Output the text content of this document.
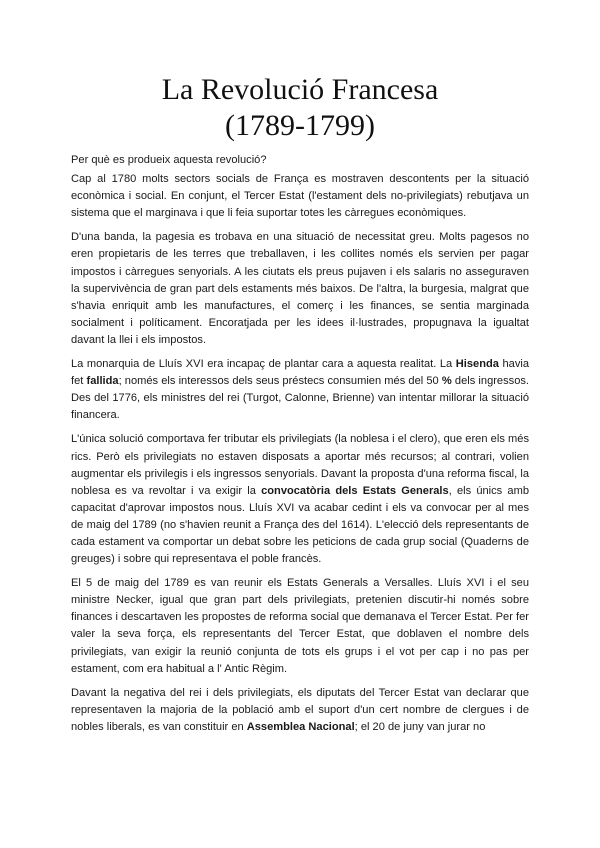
La Revolució Francesa
(1789-1799)

Per què es produeix aquesta revolució?

Cap al 1780 molts sectors socials de França es mostraven descontents per la situació econòmica i social. En conjunt, el Tercer Estat (l'estament dels no-privilegiats) rebutjava un sistema que el marginava i que li feia suportar totes les càrregues econòmiques.

D'una banda, la pagesia es trobava en una situació de necessitat greu. Molts pagesos no eren propietaris de les terres que treballaven, i les collites només els servien per pagar impostos i càrregues senyorials. A les ciutats els preus pujaven i els salaris no asseguraven la supervivència de gran part dels estaments més baixos. De l'altra, la burgesia, malgrat que s'havia enriquit amb les manufactures, el comerç i les finances, se sentia marginada socialment i políticament. Encoratjada per les idees il·lustrades, propugnava la igualtat davant la llei i els impostos.

La monarquia de Lluís XVI era incapaç de plantar cara a aquesta realitat. La Hisenda havia fet fallida; només els interessos dels seus préstecs consumien més del 50 % dels ingressos. Des del 1776, els ministres del rei (Turgot, Calonne, Brienne) van intentar millorar la situació financera.

L'única solució comportava fer tributar els privilegiats (la noblesa i el clero), que eren els més rics. Però els privilegiats no estaven disposats a aportar més recursos; al contrari, volien augmentar els privilegis i els ingressos senyorials. Davant la proposta d'una reforma fiscal, la noblesa es va revoltar i va exigir la convocatòria dels Estats Generals, els únics amb capacitat d'aprovar impostos nous. Lluís XVI va acabar cedint i els va convocar per al mes de maig del 1789 (no s'havien reunit a França des del 1614). L'elecció dels representants de cada estament va comportar un debat sobre les peticions de cada grup social (Quaderns de greuges) i sobre qui representava el poble francès.

El 5 de maig del 1789 es van reunir els Estats Generals a Versalles. Lluís XVI i el seu ministre Necker, igual que gran part dels privilegiats, pretenien discutir-hi només sobre finances i descartaven les propostes de reforma social que demanava el Tercer Estat. Per fer valer la seva força, els representants del Tercer Estat, que doblaven el nombre dels privilegiats, van exigir la reunió conjunta de tots els grups i el vot per cap i no pas per estament, com era habitual a l' Antic Règim.

Davant la negativa del rei i dels privilegiats, els diputats del Tercer Estat van declarar que representaven la majoria de la població amb el suport d'un cert nombre de clergues i de nobles liberals, es van constituir en Assemblea Nacional; el 20 de juny van jurar no
